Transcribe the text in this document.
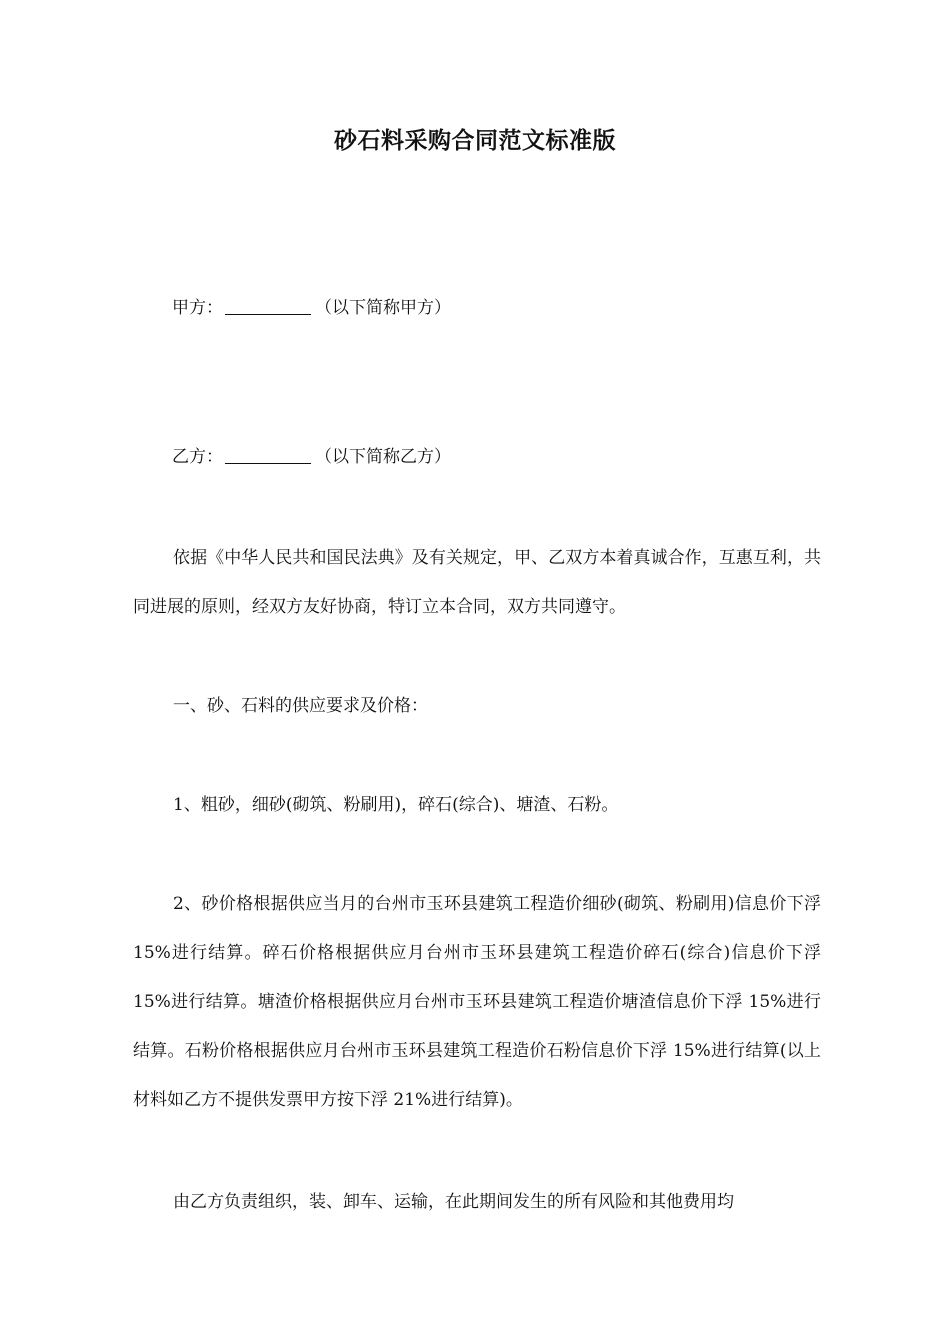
砂石料采购合同范文标准版

甲方：	（以下简称甲方）

乙方：	（以下简称乙方）

依据《中华人民共和国民法典》及有关规定，甲、乙双方本着真诚合作，互惠互利，共同进展的原则，经双方友好协商，特订立本合同，双方共同遵守。

一、砂、石料的供应要求及价格：

1、粗砂，细砂(砌筑、粉刷用)，碎石(综合)、塘渣、石粉。

2、砂价格根据供应当月的台州市玉环县建筑工程造价细砂(砌筑、粉刷用)信息价下浮 15%进行结算。碎石价格根据供应月台州市玉环县建筑工程造价碎石(综合)信息价下浮 15%进行结算。塘渣价格根据供应月台州市玉环县建筑工程造价塘渣信息价下浮 15%进行结算。石粉价格根据供应月台州市玉环县建筑工程造价石粉信息价下浮 15%进行结算(以上材料如乙方不提供发票甲方按下浮 21%进行结算)。

由乙方负责组织，装、卸车、运输，在此期间发生的所有风险和其他费用均
